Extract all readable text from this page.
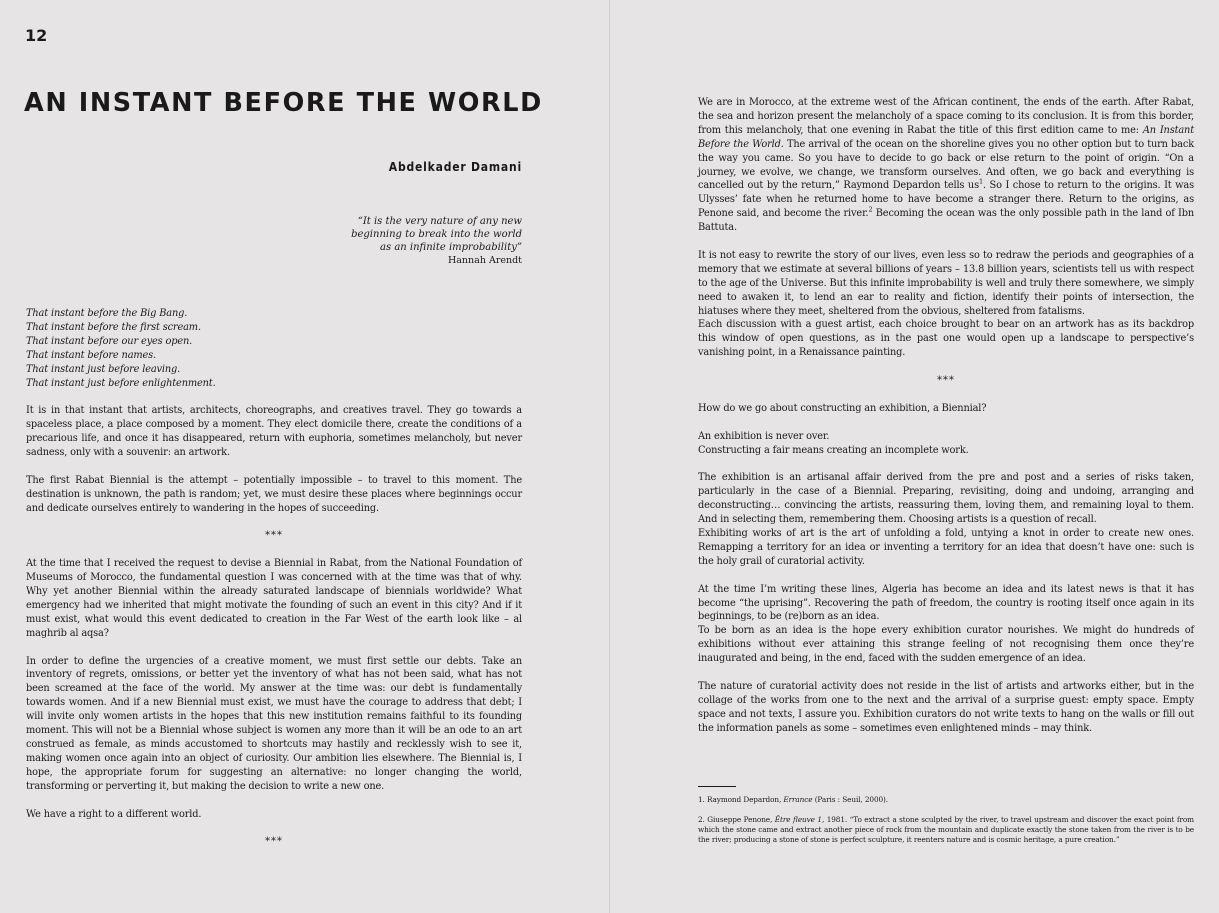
12
AN INSTANT BEFORE THE WORLD
Abdelkader Damani
“It is the very nature of any new
beginning to break into the world
as an infinite improbability”
Hannah Arendt

That instant before the Big Bang.
That instant before the first scream.
That instant before our eyes open.
That instant before names.
That instant just before leaving.
That instant just before enlightenment.

It is in that instant that artists, architects, choreographs, and creatives travel. They go towards a spaceless place, a place composed by a moment. They elect domicile there, create the conditions of a precarious life, and once it has disappeared, return with euphoria, sometimes melancholy, but never sadness, only with a souvenir: an artwork.

The first Rabat Biennial is the attempt – potentially impossible – to travel to this moment. The destination is unknown, the path is random; yet, we must desire these places where beginnings occur and dedicate ourselves entirely to wandering in the hopes of succeeding.

***

At the time that I received the request to devise a Biennial in Rabat, from the National Foundation of Museums of Morocco, the fundamental question I was concerned with at the time was that of why. Why yet another Biennial within the already saturated landscape of biennials worldwide? What emergency had we inherited that might motivate the founding of such an event in this city? And if it must exist, what would this event dedicated to creation in the Far West of the earth look like – al maghrib al aqsa?

In order to define the urgencies of a creative moment, we must first settle our debts. Take an inventory of regrets, omissions, or better yet the inventory of what has not been said, what has not been screamed at the face of the world. My answer at the time was: our debt is fundamentally towards women. And if a new Biennial must exist, we must have the courage to address that debt; I will invite only women artists in the hopes that this new institution remains faithful to its founding moment. This will not be a Biennial whose subject is women any more than it will be an ode to an art construed as female, as minds accustomed to shortcuts may hastily and recklessly wish to see it, making women once again into an object of curiosity. Our ambition lies elsewhere. The Biennial is, I hope, the appropriate forum for suggesting an alternative: no longer changing the world, transforming or perverting it, but making the decision to write a new one.

We have a right to a different world.

***

We are in Morocco, at the extreme west of the African continent, the ends of the earth. After Rabat, the sea and horizon present the melancholy of a space coming to its conclusion. It is from this border, from this melancholy, that one evening in Rabat the title of this first edition came to me: An Instant Before the World. The arrival of the ocean on the shoreline gives you no other option but to turn back the way you came. So you have to decide to go back or else return to the point of origin. “On a journey, we evolve, we change, we transform ourselves. And often, we go back and everything is cancelled out by the return,” Raymond Depardon tells $us^1$. So I chose to return to the origins. It was Ulysses’ fate when he returned home to have become a stranger there. Return to the origins, as Penone said, and become the river.$^2$ Becoming the ocean was the only possible path in the land of Ibn Battuta.

It is not easy to rewrite the story of our lives, even less so to redraw the periods and geographies of a memory that we estimate at several billions of years – 13.8 billion years, scientists tell us with respect to the age of the Universe. But this infinite improbability is well and truly there somewhere, we simply need to awaken it, to lend an ear to reality and fiction, identify their points of intersection, the hiatuses where they meet, sheltered from the obvious, sheltered from fatalisms.

Each discussion with a guest artist, each choice brought to bear on an artwork has as its backdrop this window of open questions, as in the past one would open up a landscape to perspective’s vanishing point, in a Renaissance painting.

***

How do we go about constructing an exhibition, a Biennial?

An exhibition is never over.

Constructing a fair means creating an incomplete work.

The exhibition is an artisanal affair derived from the pre and post and a series of risks taken, particularly in the case of a Biennial. Preparing, revisiting, doing and undoing, arranging and deconstructing… convincing the artists, reassuring them, loving them, and remaining loyal to them. And in selecting them, remembering them. Choosing artists is a question of recall.

Exhibiting works of art is the art of unfolding a fold, untying a knot in order to create new ones. Remapping a territory for an idea or inventing a territory for an idea that doesn’t have one: such is the holy grail of curatorial activity.

At the time I’m writing these lines, Algeria has become an idea and its latest news is that it has become “the uprising”. Recovering the path of freedom, the country is rooting itself once again in its beginnings, to be (re)born as an idea.

To be born as an idea is the hope every exhibition curator nourishes. We might do hundreds of exhibitions without ever attaining this strange feeling of not recognising them once they’re inaugurated and being, in the end, faced with the sudden emergence of an idea.

The nature of curatorial activity does not reside in the list of artists and artworks either, but in the collage of the works from one to the next and the arrival of a surprise guest: empty space. Empty space and not texts, I assure you. Exhibition curators do not write texts to hang on the walls or fill out the information panels as some – sometimes even enlightened minds – may think.

1. Raymond Depardon, Errance (Paris : Seuil, 2000).

2. Giuseppe Penone, Être fleuve 1, 1981. “To extract a stone sculpted by the river, to travel upstream and discover the exact point from which the stone came and extract another piece of rock from the mountain and duplicate exactly the stone taken from the river is to be the river; producing a stone of stone is perfect sculpture, it reenters nature and is cosmic heritage, a pure creation.”
